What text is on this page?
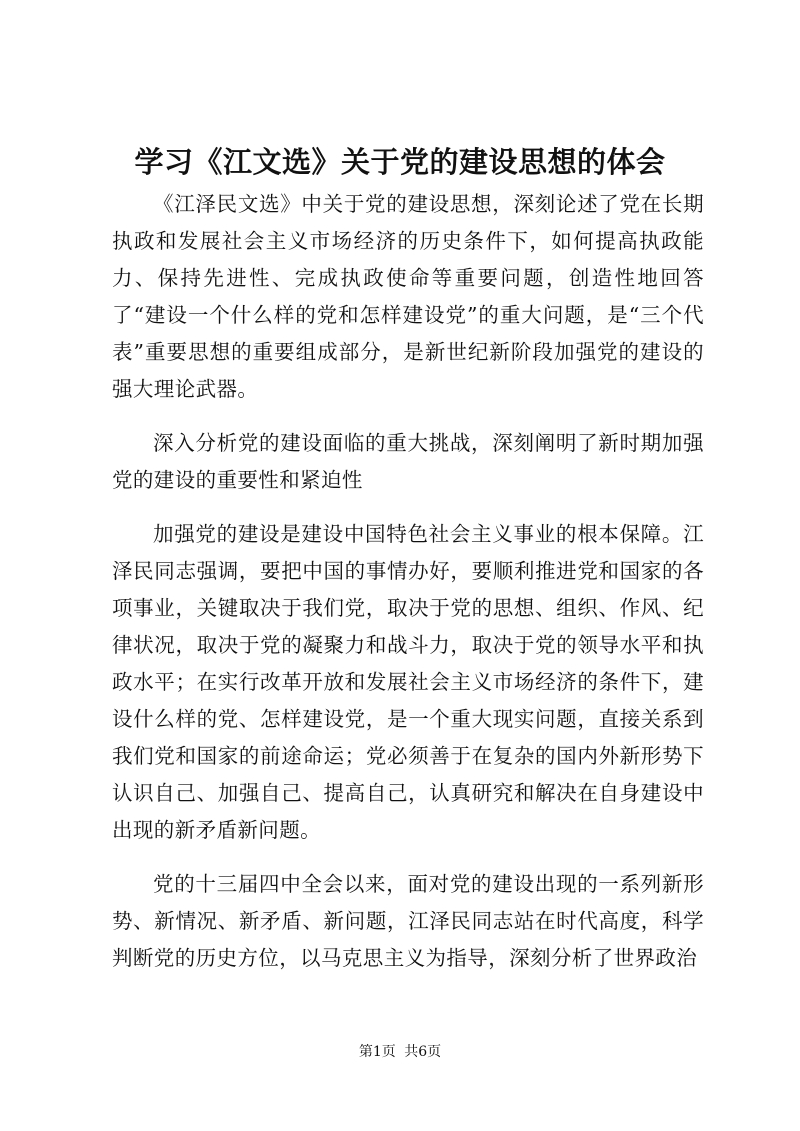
学习《江文选》关于党的建设思想的体会

《江泽民文选》中关于党的建设思想，深刻论述了党在长期执政和发展社会主义市场经济的历史条件下，如何提高执政能力、保持先进性、完成执政使命等重要问题，创造性地回答了“建设一个什么样的党和怎样建设党”的重大问题，是“三个代表”重要思想的重要组成部分，是新世纪新阶段加强党的建设的强大理论武器。

深入分析党的建设面临的重大挑战，深刻阐明了新时期加强党的建设的重要性和紧迫性

加强党的建设是建设中国特色社会主义事业的根本保障。江泽民同志强调，要把中国的事情办好，要顺利推进党和国家的各项事业，关键取决于我们党，取决于党的思想、组织、作风、纪律状况，取决于党的凝聚力和战斗力，取决于党的领导水平和执政水平；在实行改革开放和发展社会主义市场经济的条件下，建设什么样的党、怎样建设党，是一个重大现实问题，直接关系到我们党和国家的前途命运；党必须善于在复杂的国内外新形势下认识自己、加强自己、提高自己，认真研究和解决在自身建设中出现的新矛盾新问题。

党的十三届四中全会以来，面对党的建设出现的一系列新形势、新情况、新矛盾、新问题，江泽民同志站在时代高度，科学判断党的历史方位，以马克思主义为指导，深刻分析了世界政治

第1页 共6页
